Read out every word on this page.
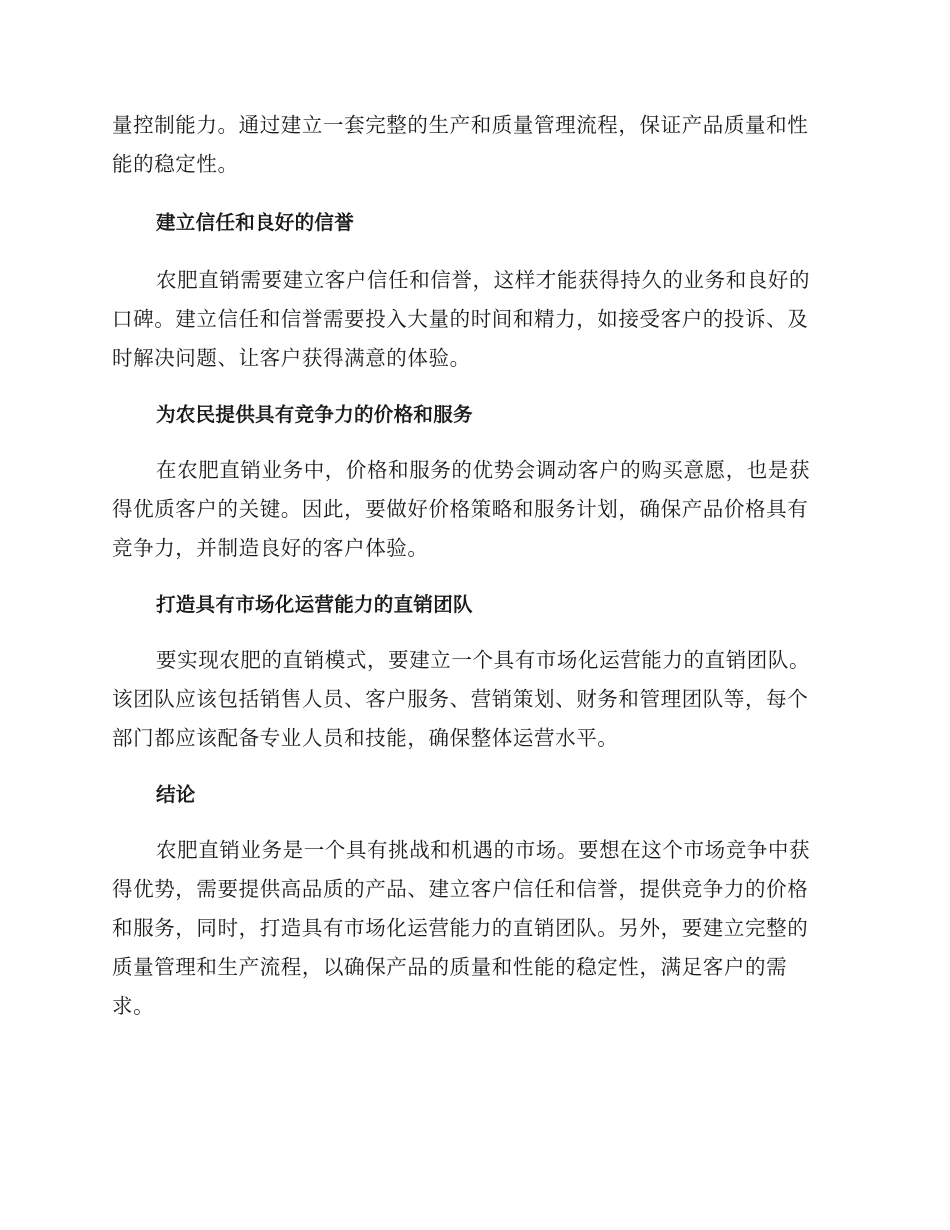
量控制能力。通过建立一套完整的生产和质量管理流程，保证产品质量和性
能的稳定性。
建立信任和良好的信誉
农肥直销需要建立客户信任和信誉，这样才能获得持久的业务和良好的
口碑。建立信任和信誉需要投入大量的时间和精力，如接受客户的投诉、及
时解决问题、让客户获得满意的体验。
为农民提供具有竞争力的价格和服务
在农肥直销业务中，价格和服务的优势会调动客户的购买意愿，也是获
得优质客户的关键。因此，要做好价格策略和服务计划，确保产品价格具有
竞争力，并制造良好的客户体验。
打造具有市场化运营能力的直销团队
要实现农肥的直销模式，要建立一个具有市场化运营能力的直销团队。
该团队应该包括销售人员、客户服务、营销策划、财务和管理团队等，每个
部门都应该配备专业人员和技能，确保整体运营水平。
结论
农肥直销业务是一个具有挑战和机遇的市场。要想在这个市场竞争中获
得优势，需要提供高品质的产品、建立客户信任和信誉，提供竞争力的价格
和服务，同时，打造具有市场化运营能力的直销团队。另外，要建立完整的
质量管理和生产流程，以确保产品的质量和性能的稳定性，满足客户的需
求。
